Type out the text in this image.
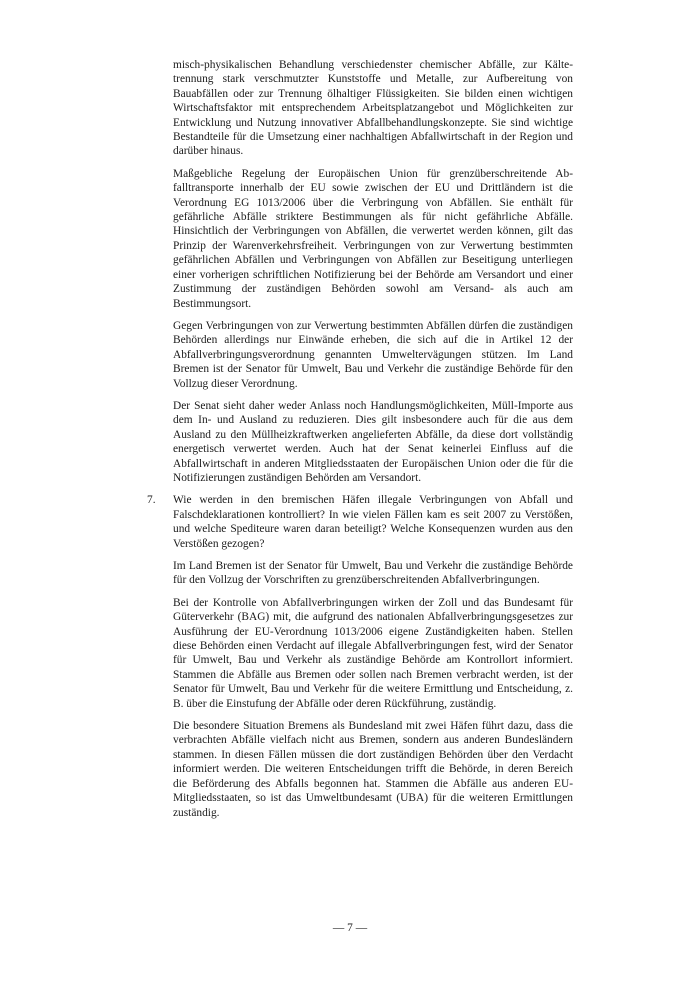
misch-physikalischen Behandlung verschiedenster chemischer Abfälle, zur Kältetrennung stark verschmutzter Kunststoffe und Metalle, zur Aufbereitung von Bauabfällen oder zur Trennung ölhaltiger Flüssigkeiten. Sie bilden einen wichtigen Wirtschaftsfaktor mit entsprechendem Arbeitsplatzangebot und Möglichkeiten zur Entwicklung und Nutzung innovativer Abfallbehandlungskonzepte. Sie sind wichtige Bestandteile für die Umsetzung einer nachhaltigen Abfallwirtschaft in der Region und darüber hinaus.

Maßgebliche Regelung der Europäischen Union für grenzüberschreitende Abfalltransporte innerhalb der EU sowie zwischen der EU und Drittländern ist die Verordnung EG 1013/2006 über die Verbringung von Abfällen. Sie enthält für gefährliche Abfälle striktere Bestimmungen als für nicht gefährliche Abfälle. Hinsichtlich der Verbringungen von Abfällen, die verwertet werden können, gilt das Prinzip der Warenverkehrsfreiheit. Verbringungen von zur Verwertung bestimmten gefährlichen Abfällen und Verbringungen von Abfällen zur Beseitigung unterliegen einer vorherigen schriftlichen Notifizierung bei der Behörde am Versandort und einer Zustimmung der zuständigen Behörden sowohl am Versand- als auch am Bestimmungsort.

Gegen Verbringungen von zur Verwertung bestimmten Abfällen dürfen die zuständigen Behörden allerdings nur Einwände erheben, die sich auf die in Artikel 12 der Abfallverbringungsverordnung genannten Umweltervägungen stützen. Im Land Bremen ist der Senator für Umwelt, Bau und Verkehr die zuständige Behörde für den Vollzug dieser Verordnung.

Der Senat sieht daher weder Anlass noch Handlungsmöglichkeiten, Müll-Importe aus dem In- und Ausland zu reduzieren. Dies gilt insbesondere auch für die aus dem Ausland zu den Müllheizkraftwerken angelieferten Abfälle, da diese dort vollständig energetisch verwertet werden. Auch hat der Senat keinerlei Einfluss auf die Abfallwirtschaft in anderen Mitgliedsstaaten der Europäischen Union oder die für die Notifizierungen zuständigen Behörden am Versandort.

7. Wie werden in den bremischen Häfen illegale Verbringungen von Abfall und Falschdeklarationen kontrolliert? In wie vielen Fällen kam es seit 2007 zu Verstößen, und welche Spediteure waren daran beteiligt? Welche Konsequenzen wurden aus den Verstößen gezogen?

Im Land Bremen ist der Senator für Umwelt, Bau und Verkehr die zuständige Behörde für den Vollzug der Vorschriften zu grenzüberschreitenden Abfallverbringungen.

Bei der Kontrolle von Abfallverbringungen wirken der Zoll und das Bundesamt für Güterverkehr (BAG) mit, die aufgrund des nationalen Abfallverbringungsgesetzes zur Ausführung der EU-Verordnung 1013/2006 eigene Zuständigkeiten haben. Stellen diese Behörden einen Verdacht auf illegale Abfallverbringungen fest, wird der Senator für Umwelt, Bau und Verkehr als zuständige Behörde am Kontrollort informiert. Stammen die Abfälle aus Bremen oder sollen nach Bremen verbracht werden, ist der Senator für Umwelt, Bau und Verkehr für die weitere Ermittlung und Entscheidung, z. B. über die Einstufung der Abfälle oder deren Rückführung, zuständig.

Die besondere Situation Bremens als Bundesland mit zwei Häfen führt dazu, dass die verbrachten Abfälle vielfach nicht aus Bremen, sondern aus anderen Bundesländern stammen. In diesen Fällen müssen die dort zuständigen Behörden über den Verdacht informiert werden. Die weiteren Entscheidungen trifft die Behörde, in deren Bereich die Beförderung des Abfalls begonnen hat. Stammen die Abfälle aus anderen EU-Mitgliedsstaaten, so ist das Umweltbundesamt (UBA) für die weiteren Ermittlungen zuständig.

— 7 —
